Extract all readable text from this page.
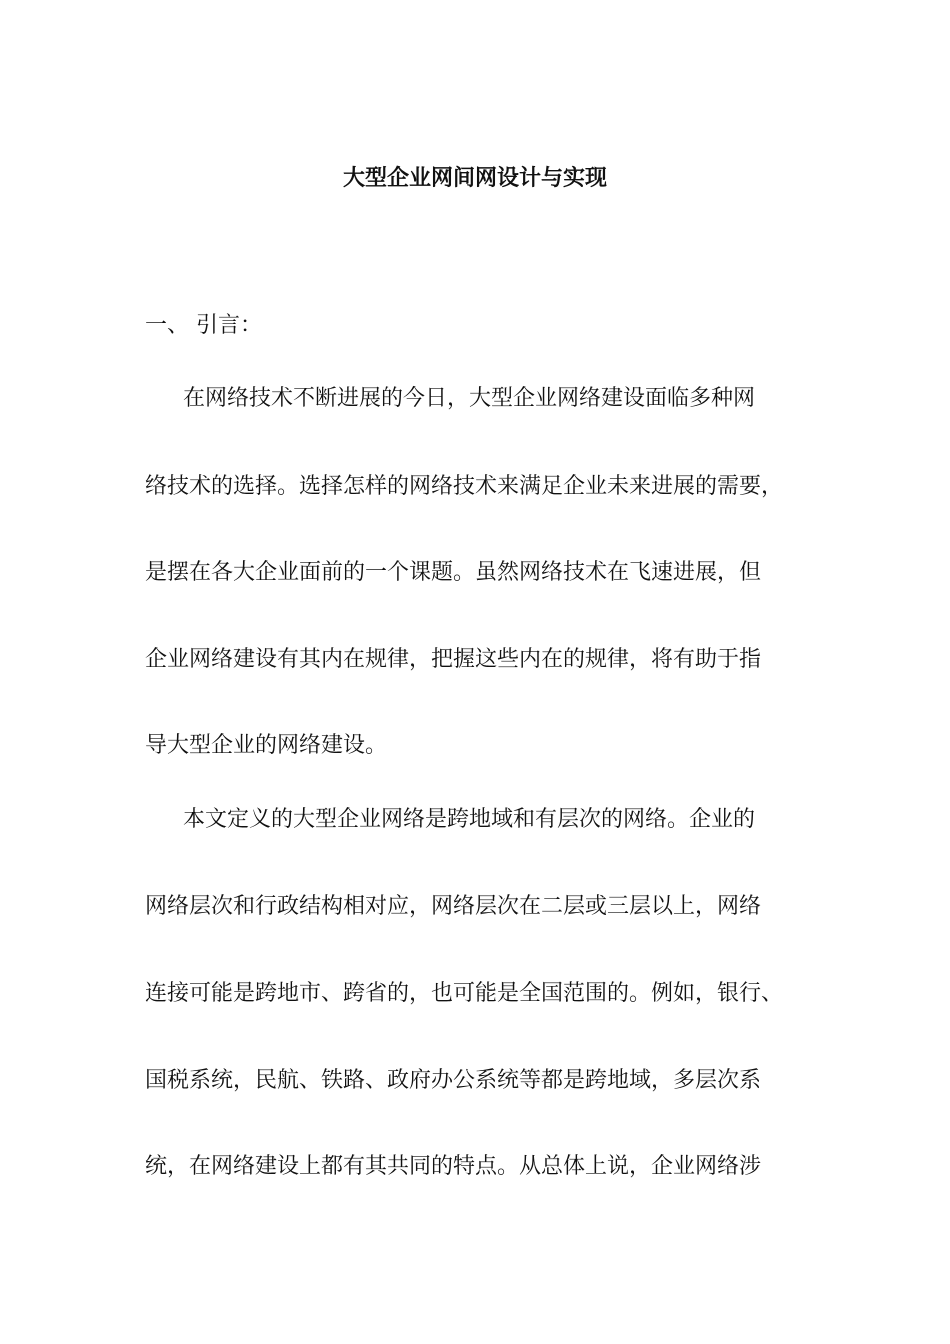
大型企业网间网设计与实现
一、 引言：
在网络技术不断进展的今日，大型企业网络建设面临多种网
络技术的选择。选择怎样的网络技术来满足企业未来进展的需要，
是摆在各大企业面前的一个课题。虽然网络技术在飞速进展，但
企业网络建设有其内在规律，把握这些内在的规律，将有助于指
导大型企业的网络建设。
本文定义的大型企业网络是跨地域和有层次的网络。企业的
网络层次和行政结构相对应，网络层次在二层或三层以上，网络
连接可能是跨地市、跨省的，也可能是全国范围的。例如，银行、
国税系统，民航、铁路、政府办公系统等都是跨地域，多层次系
统，在网络建设上都有其共同的特点。从总体上说，企业网络涉
